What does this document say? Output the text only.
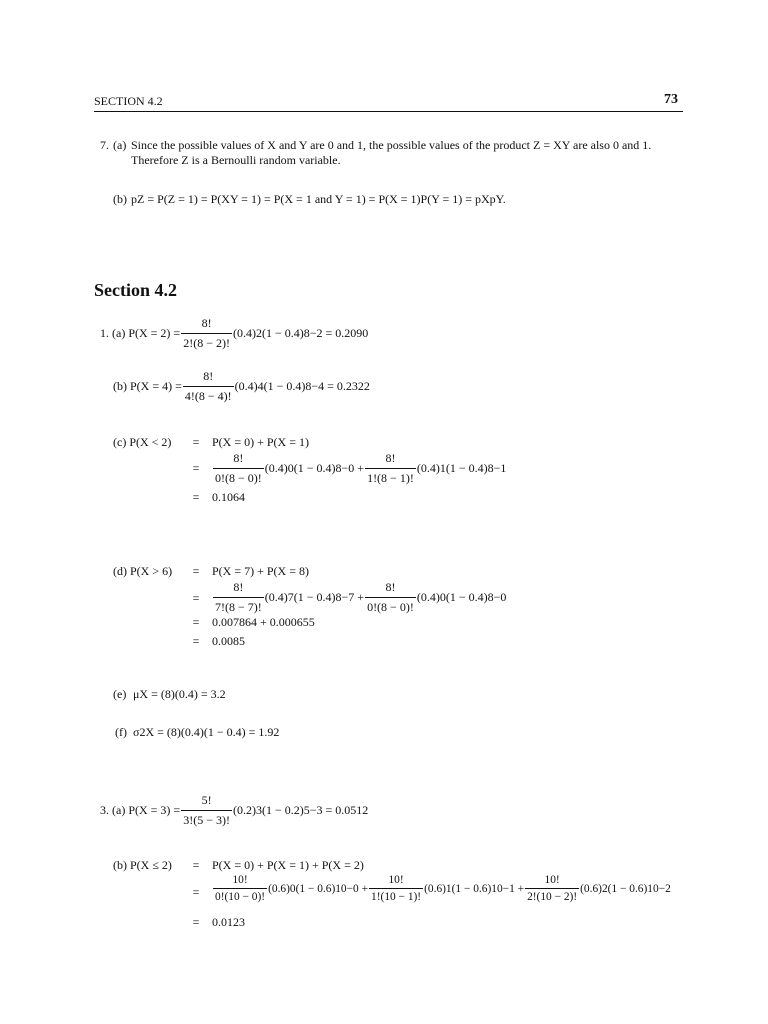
SECTION 4.2	73
7. (a) Since the possible values of X and Y are 0 and 1, the possible values of the product Z = XY are also 0 and 1.
Therefore Z is a Bernoulli random variable.
(b) pZ = P(Z = 1) = P(XY = 1) = P(X = 1 and Y = 1) = P(X = 1)P(Y = 1) = pXpY.
Section 4.2
1.
(a)
$P(X = 2) = \frac{8!}{2!(8 - 2)!} (0.4)2(1 - 0.4)8-2 = 0.2090$
(b)
$P(X = 4) = \frac{8!}{4!(8 - 4)!} (0.4)4(1 - 0.4)8-4 = 0.2322$
(c) P(X < 2) = P(X = 0) + P(X = 1)
= $\frac{8!}{0!(8 - 0)!} (0.4)0(1 - 0.4)8-0 + \frac{8!}{1!(8 - 1)!} (0.4)1(1 - 0.4)8-1$
= 0.1064
(d) P(X > 6) = P(X = 7) + P(X = 8)
= $\frac{8!}{7!(8 - 7)!} (0.4)7(1 - 0.4)8-7 + \frac{8!}{0!(8 - 0)!} (0.4)0(1 - 0.4)8-0$
= 0.007864 + 0.000655
= 0.0085
(e) μX = (8)(0.4) = 3.2
(f) σ2X = (8)(0.4)(1 − 0.4) = 1.92
3.
(a)
$P(X = 3) = \frac{5!}{3!(5 - 3)!} (0.2)3(1 - 0.2)5-3 = 0.0512$
(b) P(X ≤ 2) = P(X = 0) + P(X = 1) + P(X = 2)
= $\frac{10!}{0!(10 - 0)!} (0.6)0(1 - 0.6)10-0 + \frac{10!}{1!(10 - 1)!} (0.6)1(1 - 0.6)10-1 + \frac{10!}{2!(10 - 2)!} (0.6)2(1 - 0.6)10-2$
= 0.0123
